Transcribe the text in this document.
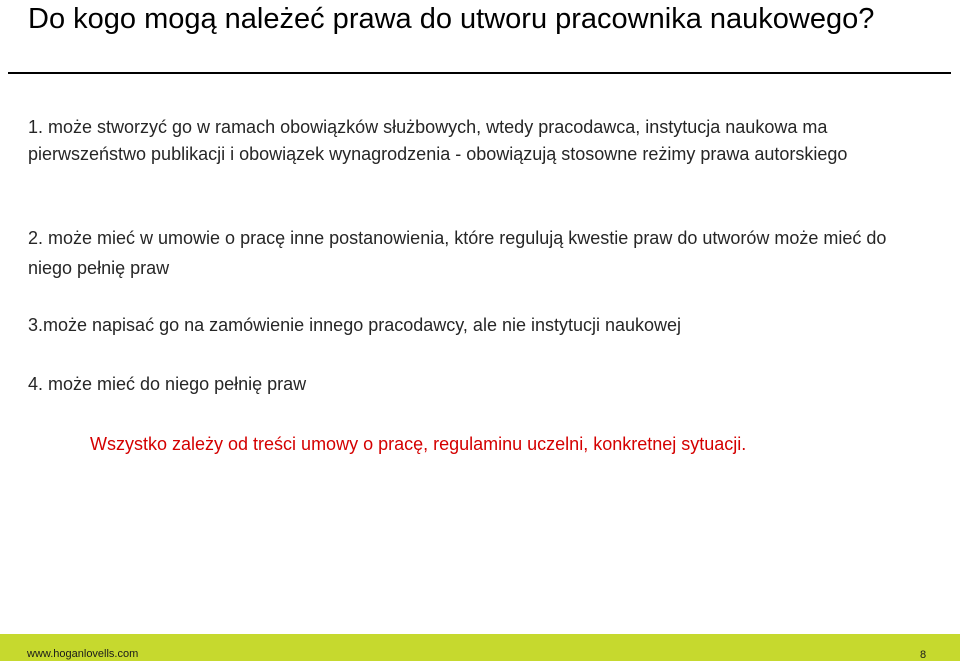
Do kogo mogą należeć prawa do utworu pracownika naukowego?

1. może stworzyć go w ramach obowiązków służbowych, wtedy pracodawca, instytucja naukowa ma pierwszeństwo publikacji i obowiązek wynagrodzenia - obowiązują stosowne reżimy prawa autorskiego

2. może mieć w umowie o pracę inne postanowienia, które regulują kwestie praw do utworów może mieć do niego pełnię praw

3.może napisać go na zamówienie innego pracodawcy, ale nie instytucji naukowej

4. może mieć do niego pełnię praw

Wszystko zależy od treści umowy o pracę, regulaminu uczelni, konkretnej sytuacji.

www.hoganlovells.com	8
